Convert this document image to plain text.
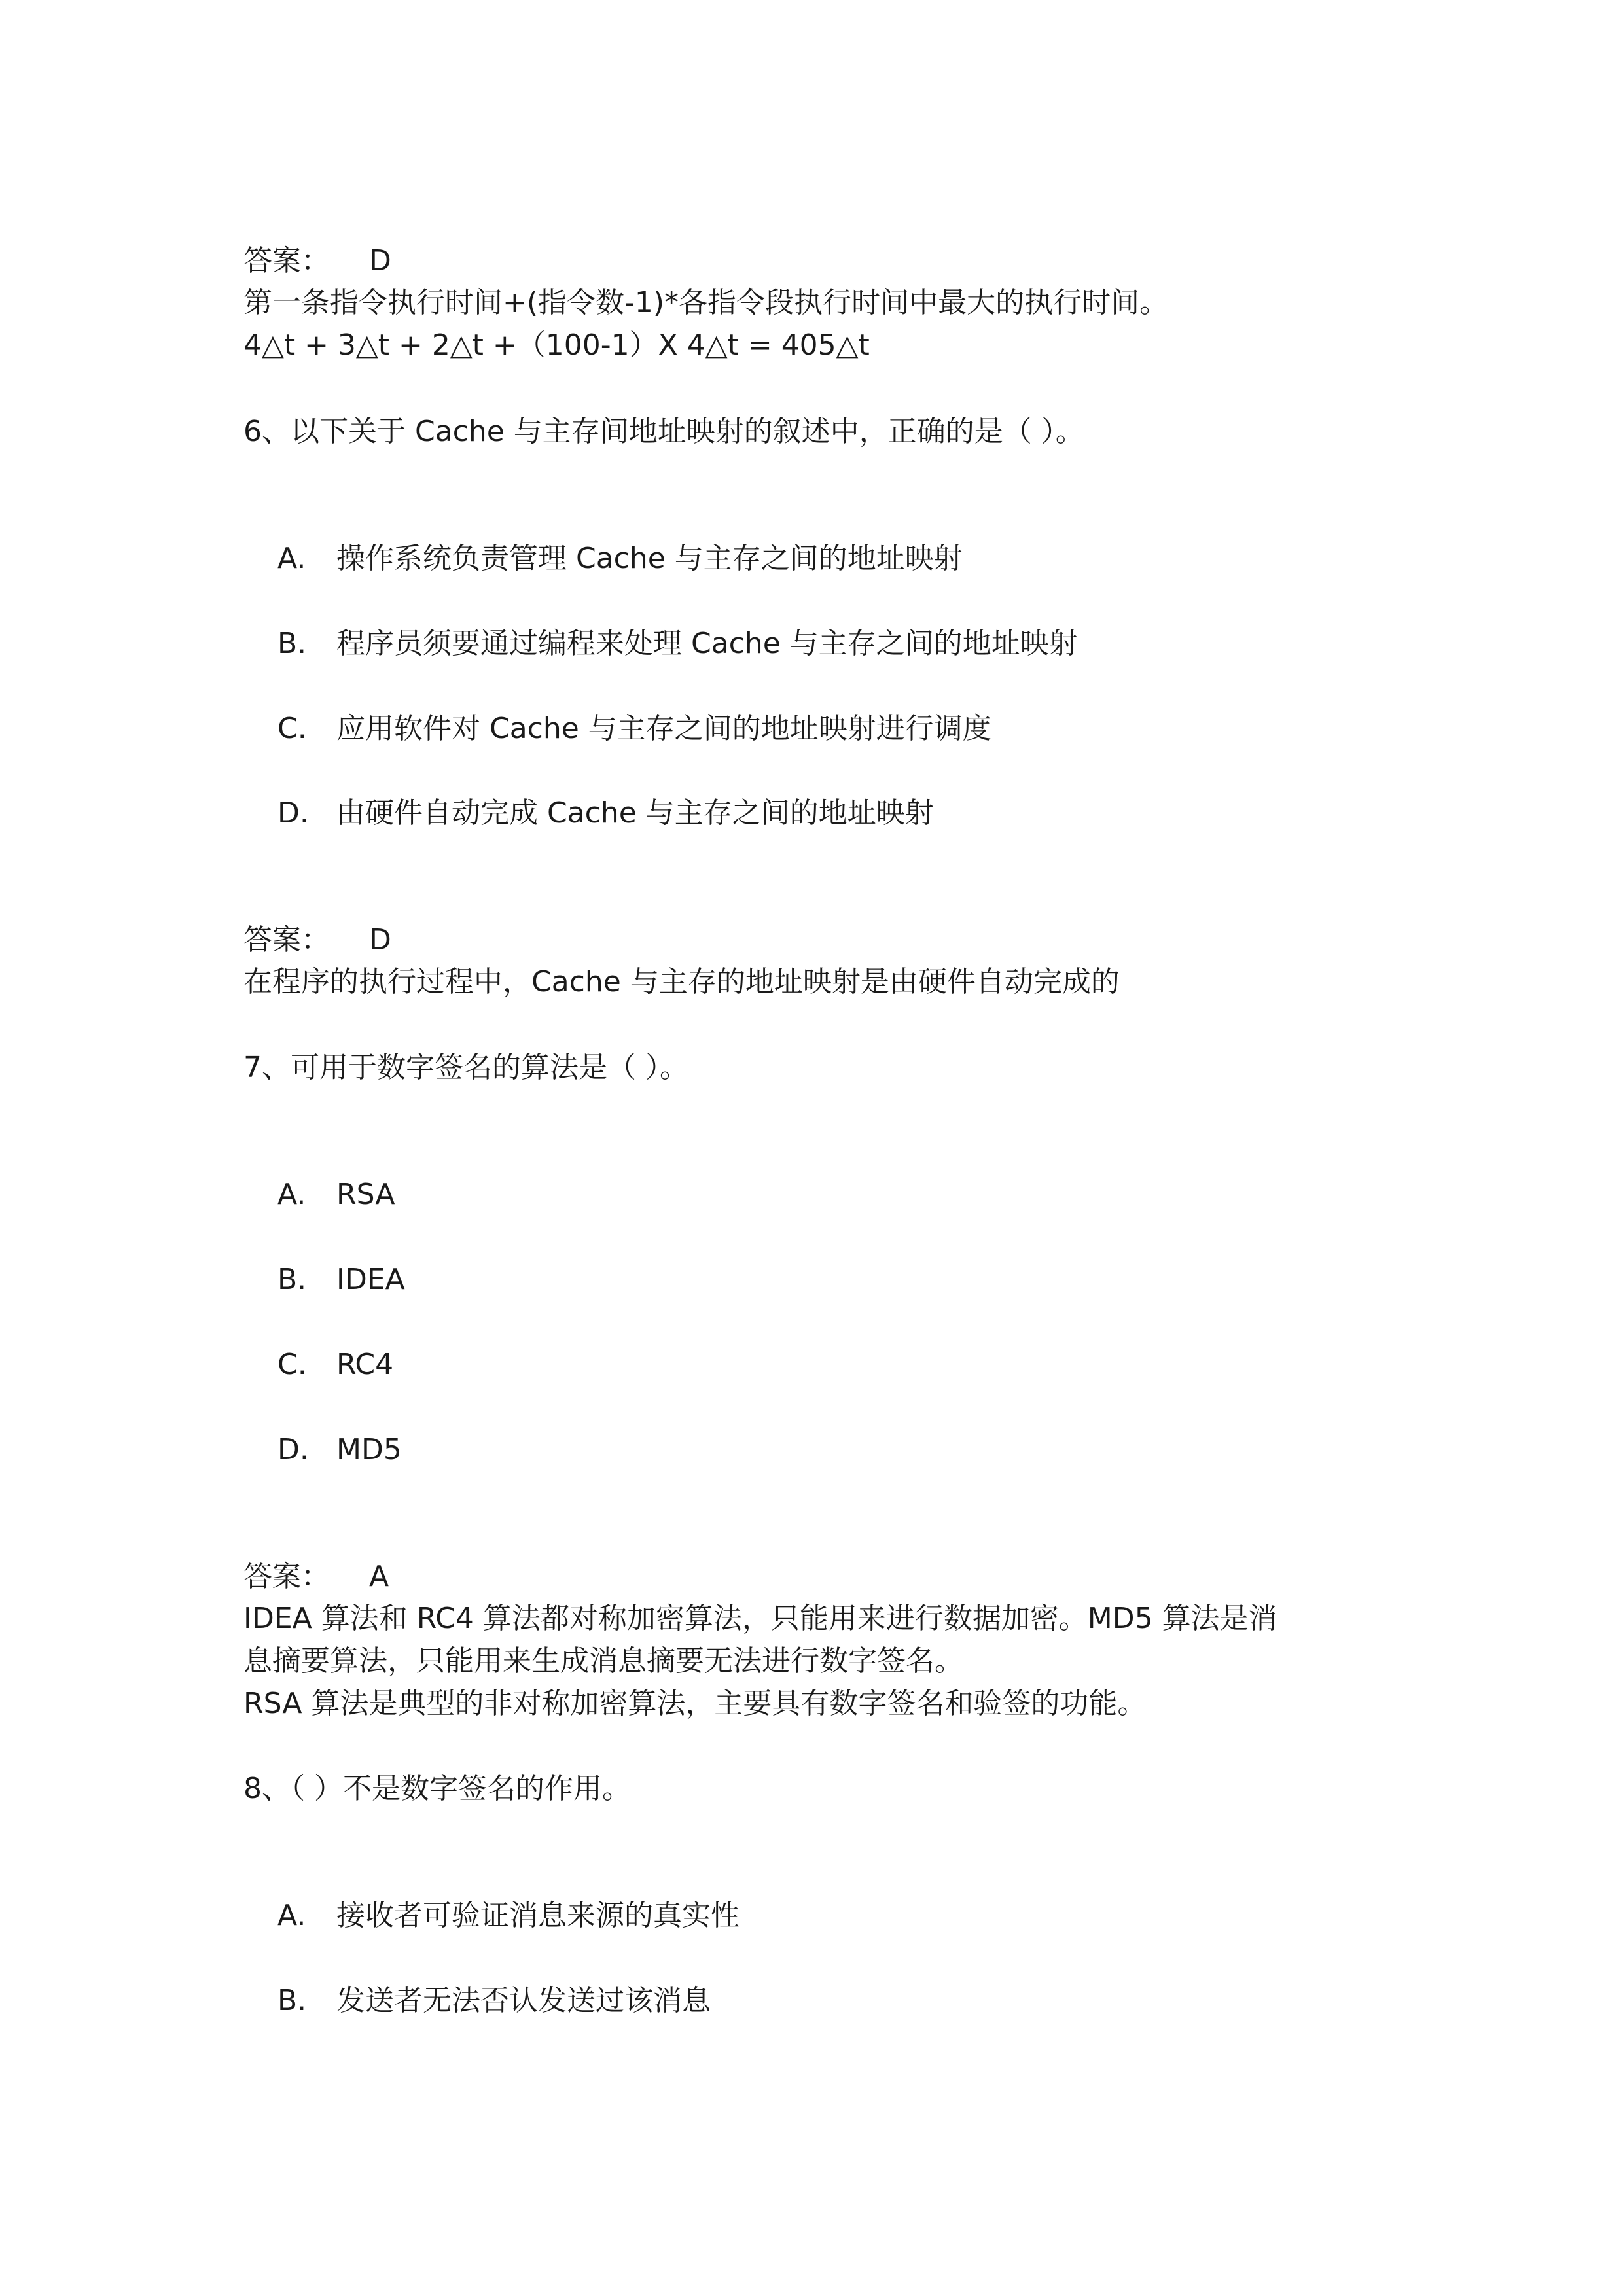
答案： D
第一条指令执行时间+(指令数-1)*各指令段执行时间中最大的执行时间。
4△t + 3△t + 2△t +（100-1）X 4△t = 405△t
6、以下关于 Cache 与主存间地址映射的叙述中，正确的是（ ）。
A. 操作系统负责管理 Cache 与主存之间的地址映射
B. 程序员须要通过编程来处理 Cache 与主存之间的地址映射
C. 应用软件对 Cache 与主存之间的地址映射进行调度
D. 由硬件自动完成 Cache 与主存之间的地址映射
答案： D
在程序的执行过程中，Cache 与主存的地址映射是由硬件自动完成的
7、可用于数字签名的算法是（ ）。
A. RSA
B. IDEA
C. RC4
D. MD5
答案： A
IDEA 算法和 RC4 算法都对称加密算法，只能用来进行数据加密。MD5 算法是消
息摘要算法，只能用来生成消息摘要无法进行数字签名。
RSA 算法是典型的非对称加密算法，主要具有数字签名和验签的功能。
8、（ ）不是数字签名的作用。
A. 接收者可验证消息来源的真实性
B. 发送者无法否认发送过该消息
